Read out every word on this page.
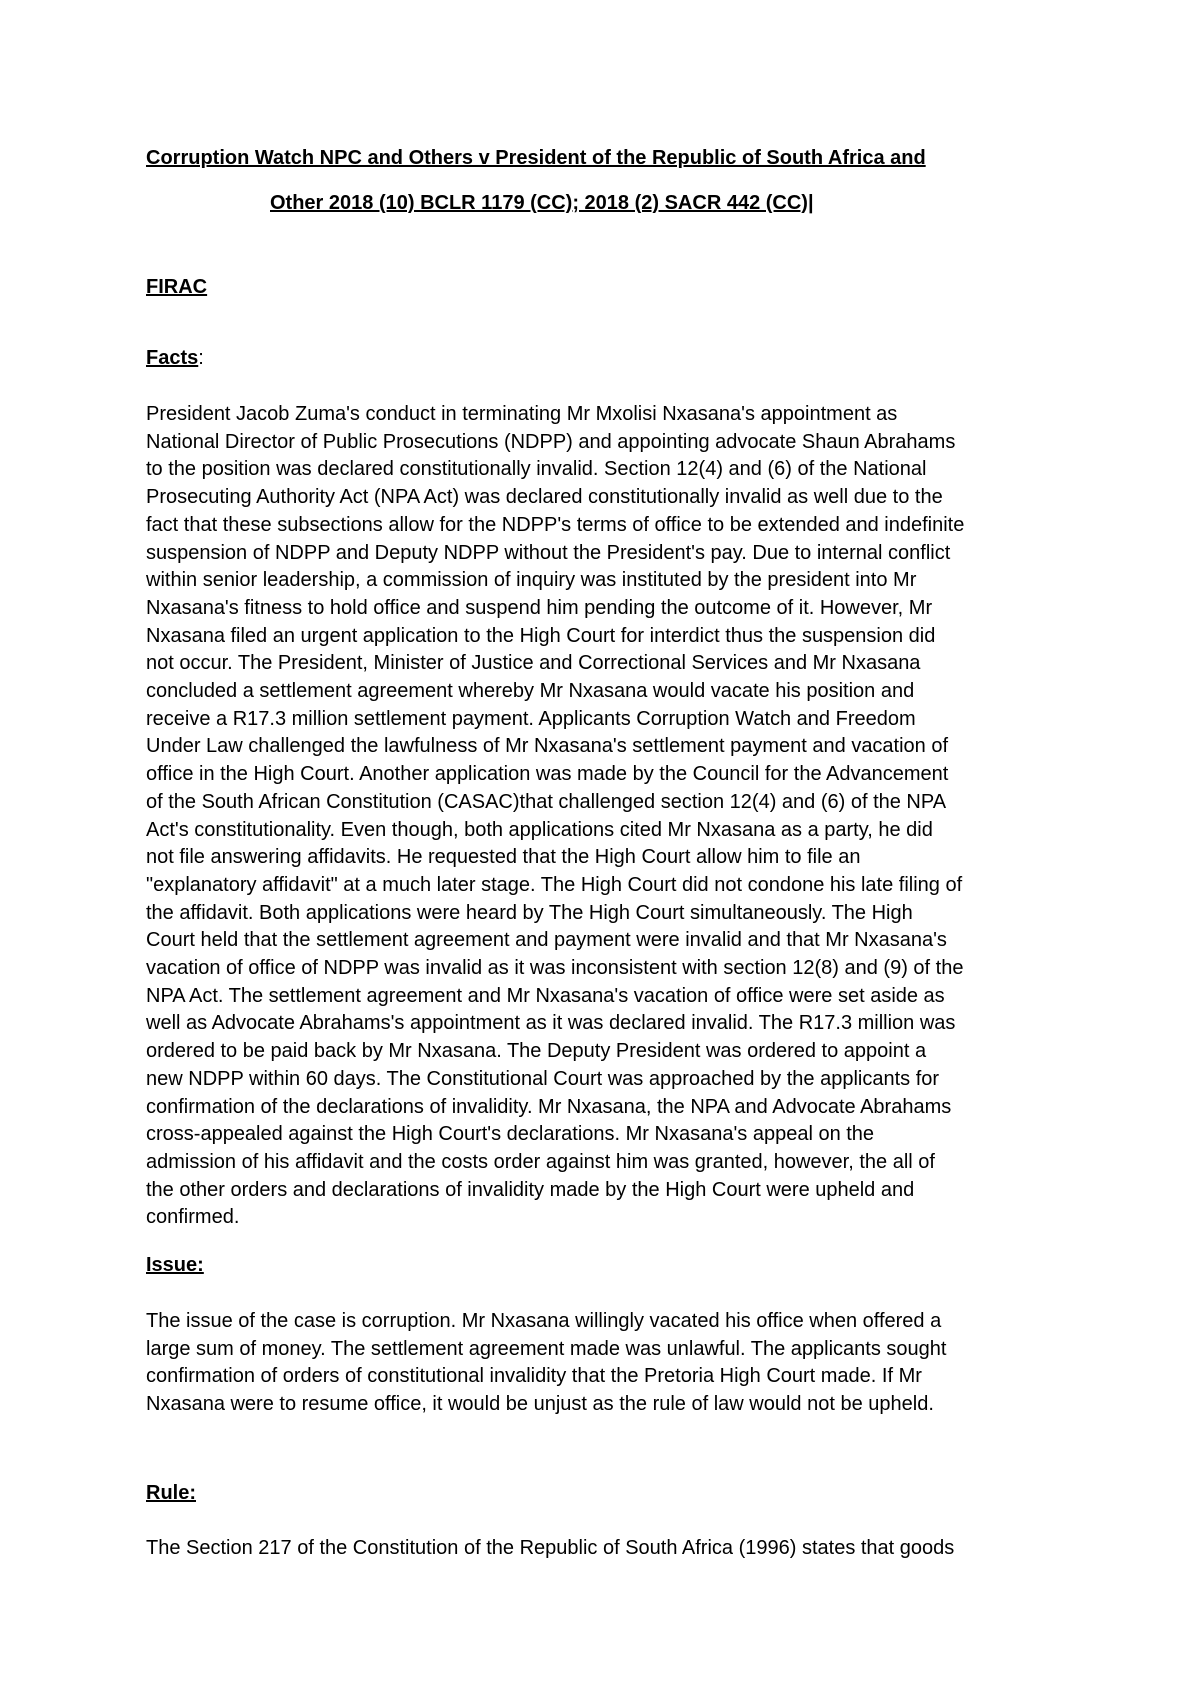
Corruption Watch NPC and Others v President of the Republic of South Africa and

Other 2018 (10) BCLR 1179 (CC); 2018 (2) SACR 442 (CC)|

FIRAC

Facts:

President Jacob Zuma's conduct in terminating Mr Mxolisi Nxasana's appointment as
National Director of Public Prosecutions (NDPP) and appointing advocate Shaun Abrahams
to the position was declared constitutionally invalid. Section 12(4) and (6) of the National
Prosecuting Authority Act (NPA Act) was declared constitutionally invalid as well due to the
fact that these subsections allow for the NDPP's terms of office to be extended and indefinite
suspension of NDPP and Deputy NDPP without the President's pay. Due to internal conflict
within senior leadership, a commission of inquiry was instituted by the president into Mr
Nxasana's fitness to hold office and suspend him pending the outcome of it. However, Mr
Nxasana filed an urgent application to the High Court for interdict thus the suspension did
not occur. The President, Minister of Justice and Correctional Services and Mr Nxasana
concluded a settlement agreement whereby Mr Nxasana would vacate his position and
receive a R17.3 million settlement payment. Applicants Corruption Watch and Freedom
Under Law challenged the lawfulness of Mr Nxasana's settlement payment and vacation of
office in the High Court. Another application was made by the Council for the Advancement
of the South African Constitution (CASAC)that challenged section 12(4) and (6) of the NPA
Act's constitutionality. Even though, both applications cited Mr Nxasana as a party, he did
not file answering affidavits. He requested that the High Court allow him to file an
"explanatory affidavit" at a much later stage. The High Court did not condone his late filing of
the affidavit. Both applications were heard by The High Court simultaneously. The High
Court held that the settlement agreement and payment were invalid and that Mr Nxasana's
vacation of office of NDPP was invalid as it was inconsistent with section 12(8) and (9) of the
NPA Act. The settlement agreement and Mr Nxasana's vacation of office were set aside as
well as Advocate Abrahams's appointment as it was declared invalid. The R17.3 million was
ordered to be paid back by Mr Nxasana. The Deputy President was ordered to appoint a
new NDPP within 60 days. The Constitutional Court was approached by the applicants for
confirmation of the declarations of invalidity. Mr Nxasana, the NPA and Advocate Abrahams
cross-appealed against the High Court's declarations. Mr Nxasana's appeal on the
admission of his affidavit and the costs order against him was granted, however, the all of
the other orders and declarations of invalidity made by the High Court were upheld and
confirmed.

Issue:

The issue of the case is corruption. Mr Nxasana willingly vacated his office when offered a
large sum of money. The settlement agreement made was unlawful. The applicants sought
confirmation of orders of constitutional invalidity that the Pretoria High Court made. If Mr
Nxasana were to resume office, it would be unjust as the rule of law would not be upheld.

Rule:

The Section 217 of the Constitution of the Republic of South Africa (1996) states that goods
